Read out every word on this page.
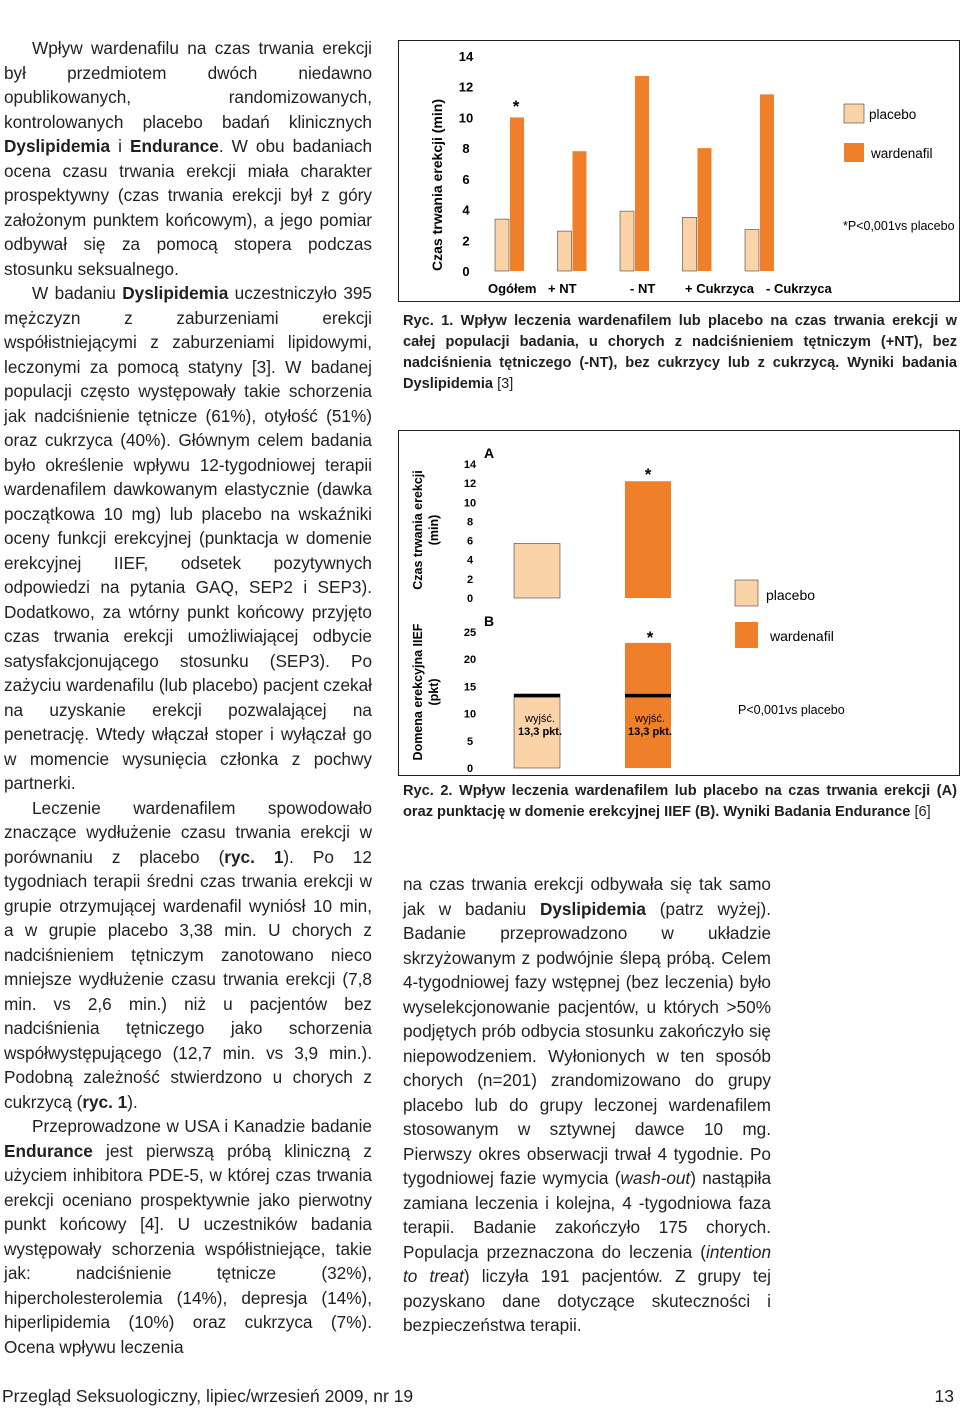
Wpływ wardenafilu na czas trwania erekcji był przedmiotem dwóch niedawno opublikowanych, randomizowanych, kontrolowanych placebo badań klinicznych Dyslipidemia i Endurance. W obu badaniach ocena czasu trwania erekcji miała charakter prospektywny (czas trwania erekcji był z góry założonym punktem końcowym), a jego pomiar odbywał się za pomocą stopera podczas stosunku seksualnego.

W badaniu Dyslipidemia uczestniczyło 395 mężczyzn z zaburzeniami erekcji współistniejącymi z zaburzeniami lipidowymi, leczonymi za pomocą statyny [3]. W badanej populacji często występowały takie schorzenia jak nadciśnienie tętnicze (61%), otyłość (51%) oraz cukrzyca (40%). Głównym celem badania było określenie wpływu 12-tygodniowej terapii wardenafilem dawkowanym elastycznie (dawka początkowa 10 mg) lub placebo na wskaźniki oceny funkcji erekcyjnej (punktacja w domenie erekcyjnej IIEF, odsetek pozytywnych odpowiedzi na pytania GAQ, SEP2 i SEP3). Dodatkowo, za wtórny punkt końcowy przyjęto czas trwania erekcji umożliwiającej odbycie satysfakcjonującego stosunku (SEP3). Po zażyciu wardenafilu (lub placebo) pacjent czekał na uzyskanie erekcji pozwalającej na penetrację. Wtedy włączał stoper i wyłączał go w momencie wysunięcia członka z pochwy partnerki.

Leczenie wardenafilem spowodowało znaczące wydłużenie czasu trwania erekcji w porównaniu z placebo (ryc. 1). Po 12 tygodniach terapii średni czas trwania erekcji w grupie otrzymującej wardenafil wyniósł 10 min, a w grupie placebo 3,38 min. U chorych z nadciśnieniem tętniczym zanotowano nieco mniejsze wydłużenie czasu trwania erekcji (7,8 min. vs 2,6 min.) niż u pacjentów bez nadciśnienia tętniczego jako schorzenia współwystępującego (12,7 min. vs 3,9 min.). Podobną zależność stwierdzono u chorych z cukrzycą (ryc. 1).

Przeprowadzone w USA i Kanadzie badanie Endurance jest pierwszą próbą kliniczną z użyciem inhibitora PDE-5, w której czas trwania erekcji oceniano prospektywnie jako pierwotny punkt końcowy [4]. U uczestników badania występowały schorzenia współistniejące, takie jak: nadciśnienie tętnicze (32%), hipercholesterolemia (14%), depresja (14%), hiperlipidemia (10%) oraz cukrzyca (7%). Ocena wpływu leczenia

0
2
4
6
8
10
12
14
Ogółem + NT	- NT + Cukrzyca - Cukrzyca
Czas trwania erekcji (min)	*	placebo
wardenafil
*P<0,001vs placebo
Ryc. 1. Wpływ leczenia wardenafilem lub placebo na czas trwania erekcji w całej populacji badania, u chorych z nadciśnieniem tętniczym (+NT), bez nadciśnienia tętniczego (-NT), bez cukrzycy lub z cukrzycą. Wyniki badania Dyslipidemia [3]
0
2
4
6
8
10
12
14
0
5
10
15
20
25
A
B
Czas trwania erekcji (min)
Domena erekcyjna IIEF (pkt)
*
*
wyjść.
13,3 pkt.
wyjść.
13,3 pkt.
placebo
wardenafil
P<0,001vs placebo
Ryc. 2. Wpływ leczenia wardenafilem lub placebo na czas trwania erekcji (A) oraz punktację w domenie erekcyjnej IIEF (B). Wyniki Badania Endurance [6]

na czas trwania erekcji odbywała się tak samo jak w badaniu Dyslipidemia (patrz wyżej). Badanie przeprowadzono w układzie skrzyżowanym z podwójnie ślepą próbą. Celem 4-tygodniowej fazy wstępnej (bez leczenia) było wyselekcjonowanie pacjentów, u których >50% podjętych prób odbycia stosunku zakończyło się niepowodzeniem. Wyłonionych w ten sposób chorych (n=201) zrandomizowano do grupy placebo lub do grupy leczonej wardenafilem stosowanym w sztywnej dawce 10 mg. Pierwszy okres obserwacji trwał 4 tygodnie. Po tygodniowej fazie wymycia (wash-out) nastąpiła zamiana leczenia i kolejna, 4 -tygodniowa faza terapii. Badanie zakończyło 175 chorych. Populacja przeznaczona do leczenia (intention to treat) liczyła 191 pacjentów. Z grupy tej pozyskano dane dotyczące skuteczności i bezpieczeństwa terapii.

Przegląd Seksuologiczny, lipiec/wrzesień 2009, nr 19	13
